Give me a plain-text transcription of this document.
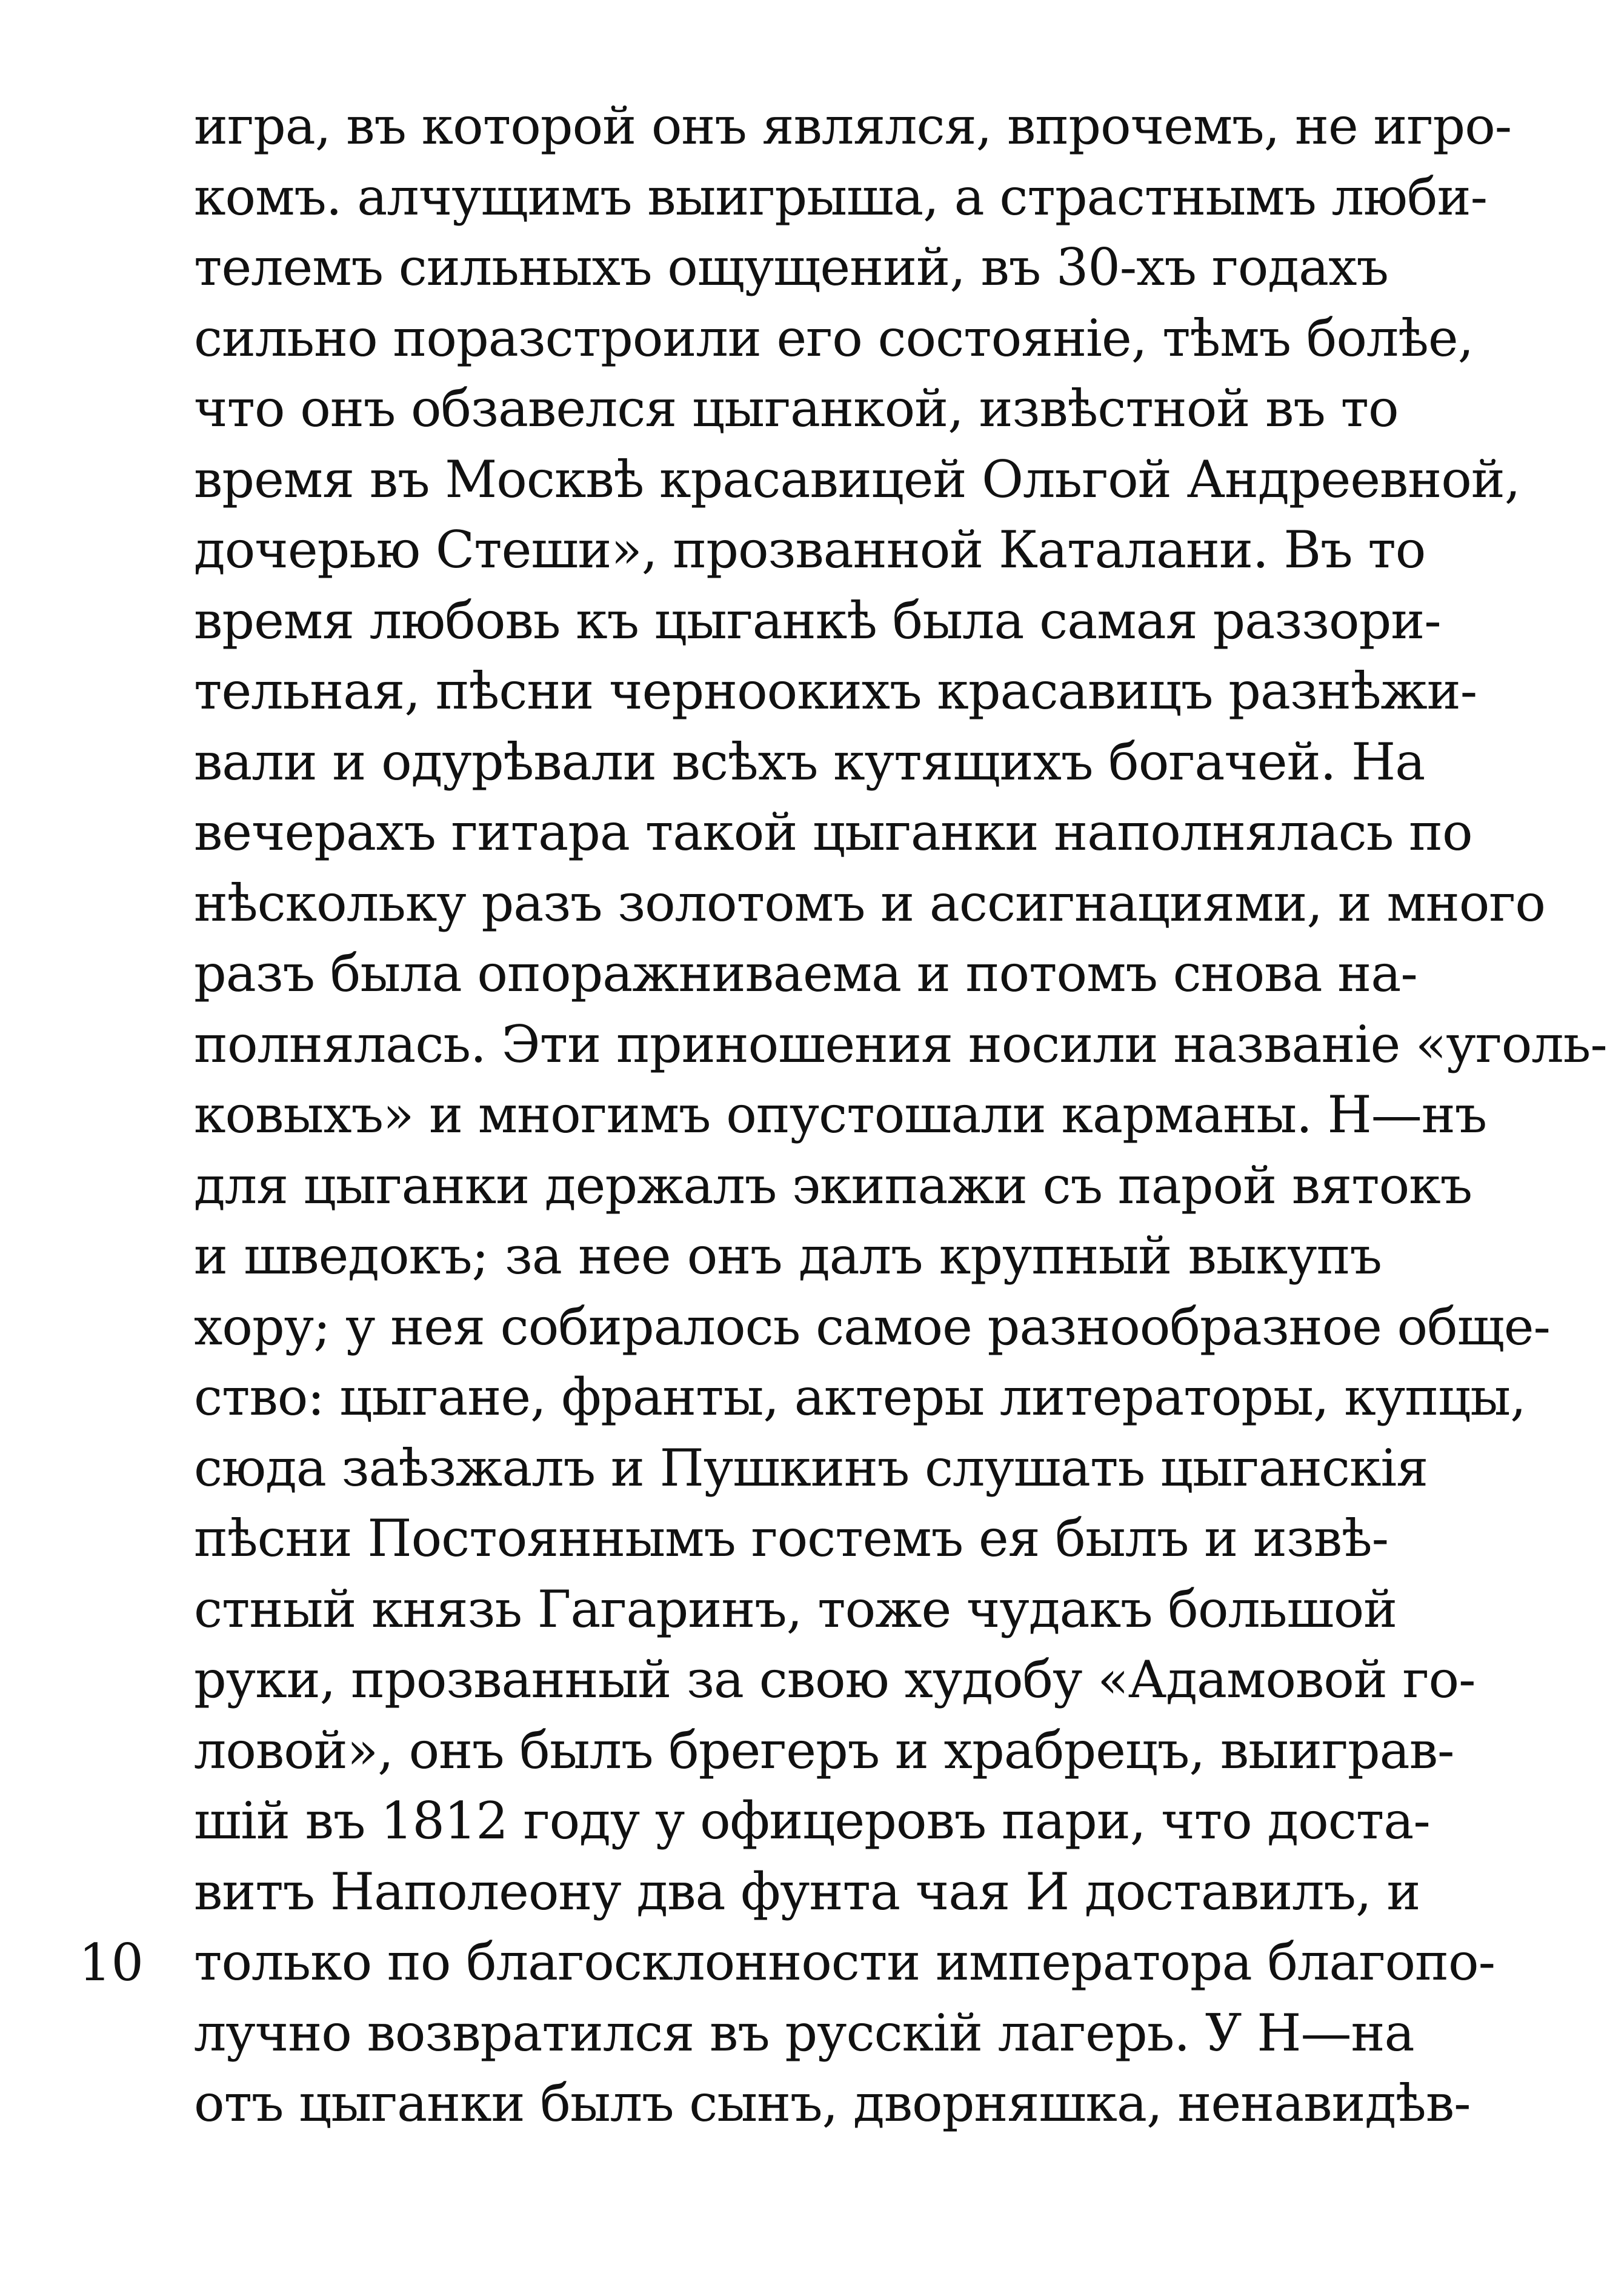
игра, въ которой онъ являлся, впрочемъ, не игро-
комъ. алчущимъ выигрыша, а страстнымъ люби-
телемъ сильныхъ ощущений, въ 30-хъ годахъ
сильно поразстроили его состояніе, тѣмъ болѣе,
что онъ обзавелся цыганкой, извѣстной въ то
время въ Москвѣ красавицей Ольгой Андреевной,
дочерью Стеши», прозванной Каталани. Въ то
время любовь къ цыганкѣ была самая раззори-
тельная, пѣсни черноокихъ красавицъ разнѣжи-
вали и одурѣвали всѣхъ кутящихъ богачей. На
вечерахъ гитара такой цыганки наполнялась по
нѣскольку разъ золотомъ и ассигнациями, и много
разъ была опоражниваема и потомъ снова на-
полнялась. Эти приношения носили названіе «уголь-
ковыхъ» и многимъ опустошали карманы. Н—нъ
для цыганки держалъ экипажи съ парой вятокъ
и шведокъ; за нее онъ далъ крупный выкупъ
хору; у нея собиралось самое разнообразное обще-
ство: цыгане, франты, актеры литераторы, купцы,
сюда заѣзжалъ и Пушкинъ слушать цыганскія
пѣсни Постояннымъ гостемъ ея былъ и извѣ-
стный князь Гагаринъ, тоже чудакъ большой
руки, прозванный за свою худобу «Адамовой го-
ловой», онъ былъ брегеръ и храбрецъ, выиграв-
шій въ 1812 году у офицеровъ пари, что доста-
витъ Наполеону два фунта чая И доставилъ, и
только по благосклонности императора благопо-
лучно возвратился въ русскій лагерь. У Н—на
отъ цыганки былъ сынъ, дворняшка, ненавидѣв-
10
